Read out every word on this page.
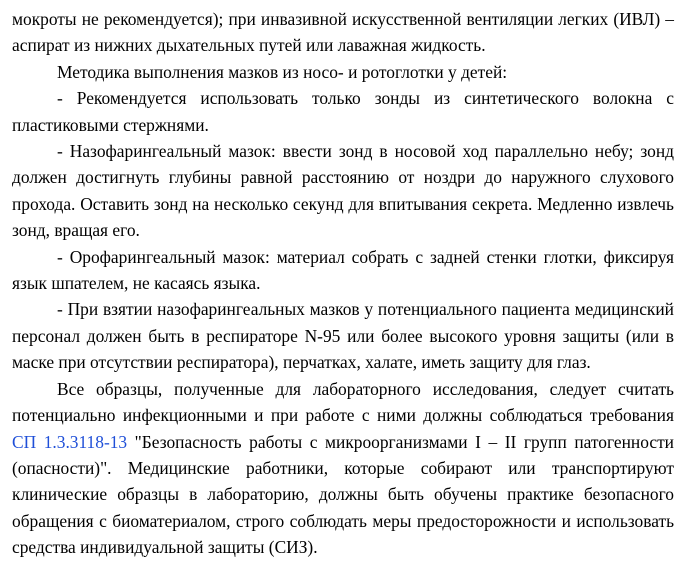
мокроты не рекомендуется); при инвазивной искусственной вентиляции легких (ИВЛ) – аспират из нижних дыхательных путей или лаважная жидкость.

Методика выполнения мазков из носо- и ротоглотки у детей:

- Рекомендуется использовать только зонды из синтетического волокна с пластиковыми стержнями.

- Назофарингеальный мазок: ввести зонд в носовой ход параллельно небу; зонд должен достигнуть глубины равной расстоянию от ноздри до наружного слухового прохода. Оставить зонд на несколько секунд для впитывания секрета. Медленно извлечь зонд, вращая его.

- Орофарингеальный мазок: материал собрать с задней стенки глотки, фиксируя язык шпателем, не касаясь языка.

- При взятии назофарингеальных мазков у потенциального пациента медицинский персонал должен быть в респираторе N-95 или более высокого уровня защиты (или в маске при отсутствии респиратора), перчатках, халате, иметь защиту для глаз.

Все образцы, полученные для лабораторного исследования, следует считать потенциально инфекционными и при работе с ними должны соблюдаться требования СП 1.3.3118-13 "Безопасность работы с микроорганизмами I – II групп патогенности (опасности)". Медицинские работники, которые собирают или транспортируют клинические образцы в лабораторию, должны быть обучены практике безопасного обращения с биоматериалом, строго соблюдать меры предосторожности и использовать средства индивидуальной защиты (СИЗ).
